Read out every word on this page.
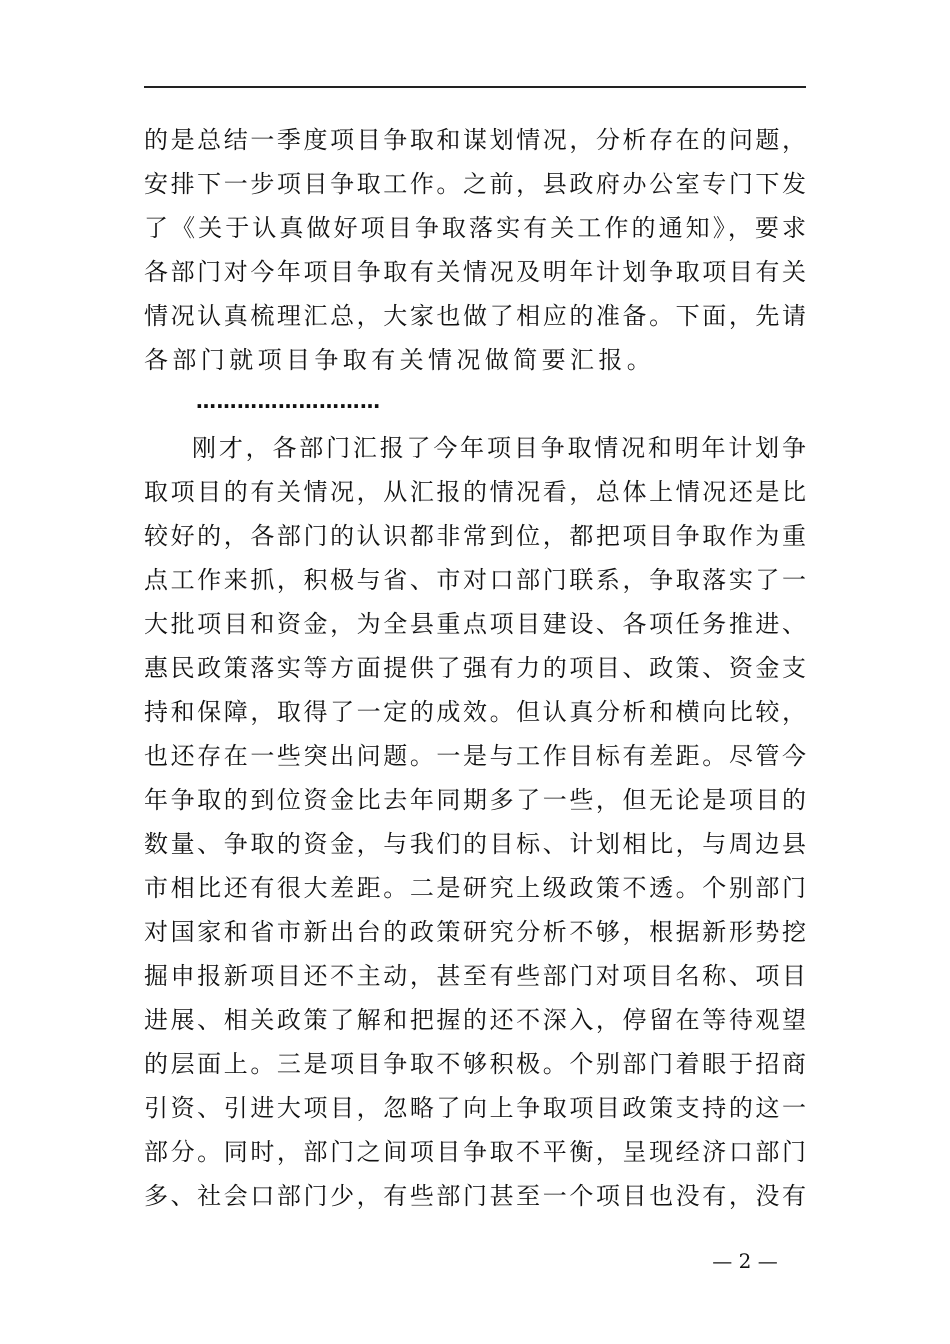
的是总结一季度项目争取和谋划情况，分析存在的问题，
安排下一步项目争取工作。之前，县政府办公室专门下发
了《关于认真做好项目争取落实有关工作的通知》，要求
各部门对今年项目争取有关情况及明年计划争取项目有关
情况认真梳理汇总，大家也做了相应的准备。下面，先请
各部门就项目争取有关情况做简要汇报。
………………………
刚才，各部门汇报了今年项目争取情况和明年计划争
取项目的有关情况，从汇报的情况看，总体上情况还是比
较好的，各部门的认识都非常到位，都把项目争取作为重
点工作来抓，积极与省、市对口部门联系，争取落实了一
大批项目和资金，为全县重点项目建设、各项任务推进、
惠民政策落实等方面提供了强有力的项目、政策、资金支
持和保障，取得了一定的成效。但认真分析和横向比较，
也还存在一些突出问题。一是与工作目标有差距。尽管今
年争取的到位资金比去年同期多了一些，但无论是项目的
数量、争取的资金，与我们的目标、计划相比，与周边县
市相比还有很大差距。二是研究上级政策不透。个别部门
对国家和省市新出台的政策研究分析不够，根据新形势挖
掘申报新项目还不主动，甚至有些部门对项目名称、项目
进展、相关政策了解和把握的还不深入，停留在等待观望
的层面上。三是项目争取不够积极。个别部门着眼于招商
引资、引进大项目，忽略了向上争取项目政策支持的这一
部分。同时，部门之间项目争取不平衡，呈现经济口部门
多、社会口部门少，有些部门甚至一个项目也没有，没有
— 2 —
